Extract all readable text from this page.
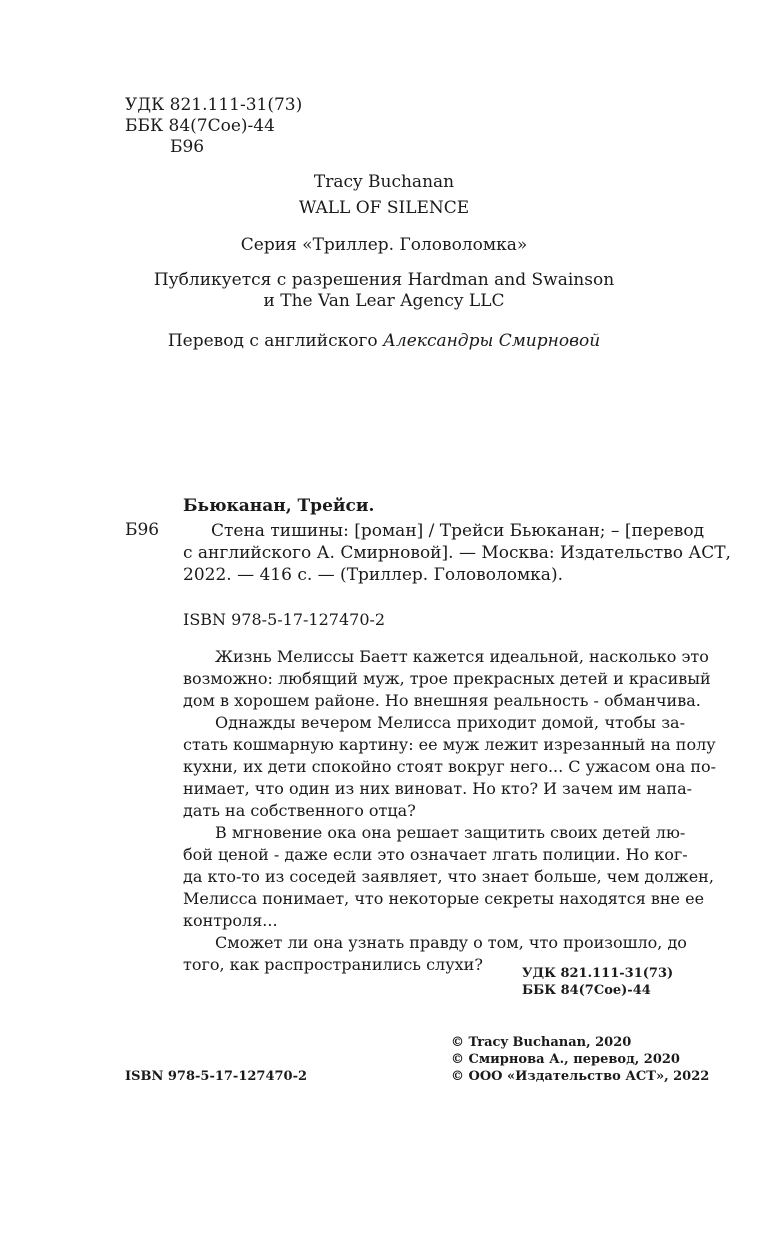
УДК 821.111-31(73)
ББК 84(7Сое)-44
Б96
Tracy Buchanan
WALL OF SILENCE
Серия «Триллер. Головоломка»
Публикуется с разрешения Hardman and Swainson
и The Van Lear Agency LLC
Перевод с английского Александры Смирновой
Бьюканан, Трейси.
Б96	Стена тишины: [роман] / Трейси Бьюканан; – [перевод
с английского А. Смирновой]. — Москва: Издательство АСТ,
2022. — 416 с. — (Триллер. Головоломка).
ISBN 978-5-17-127470-2
Жизнь Мелиссы Баетт кажется идеальной, насколько это
возможно: любящий муж, трое прекрасных детей и красивый
дом в хорошем районе. Но внешняя реальность - обманчива.
Однажды вечером Мелисса приходит домой, чтобы за-
стать кошмарную картину: ее муж лежит изрезанный на полу
кухни, их дети спокойно стоят вокруг него... С ужасом она по-
нимает, что один из них виноват. Но кто? И зачем им напа-
дать на собственного отца?
В мгновение ока она решает защитить своих детей лю-
бой ценой - даже если это означает лгать полиции. Но ког-
да кто-то из соседей заявляет, что знает больше, чем должен,
Мелисса понимает, что некоторые секреты находятся вне ее
контроля...
Сможет ли она узнать правду о том, что произошло, до
того, как распространились слухи?	УДК 821.111-31(73)
ББК 84(7Сое)-44
© Tracy Buchanan, 2020
© Смирнова А., перевод, 2020
© ООО «Издательство АСТ», 2022
ISBN 978-5-17-127470-2
